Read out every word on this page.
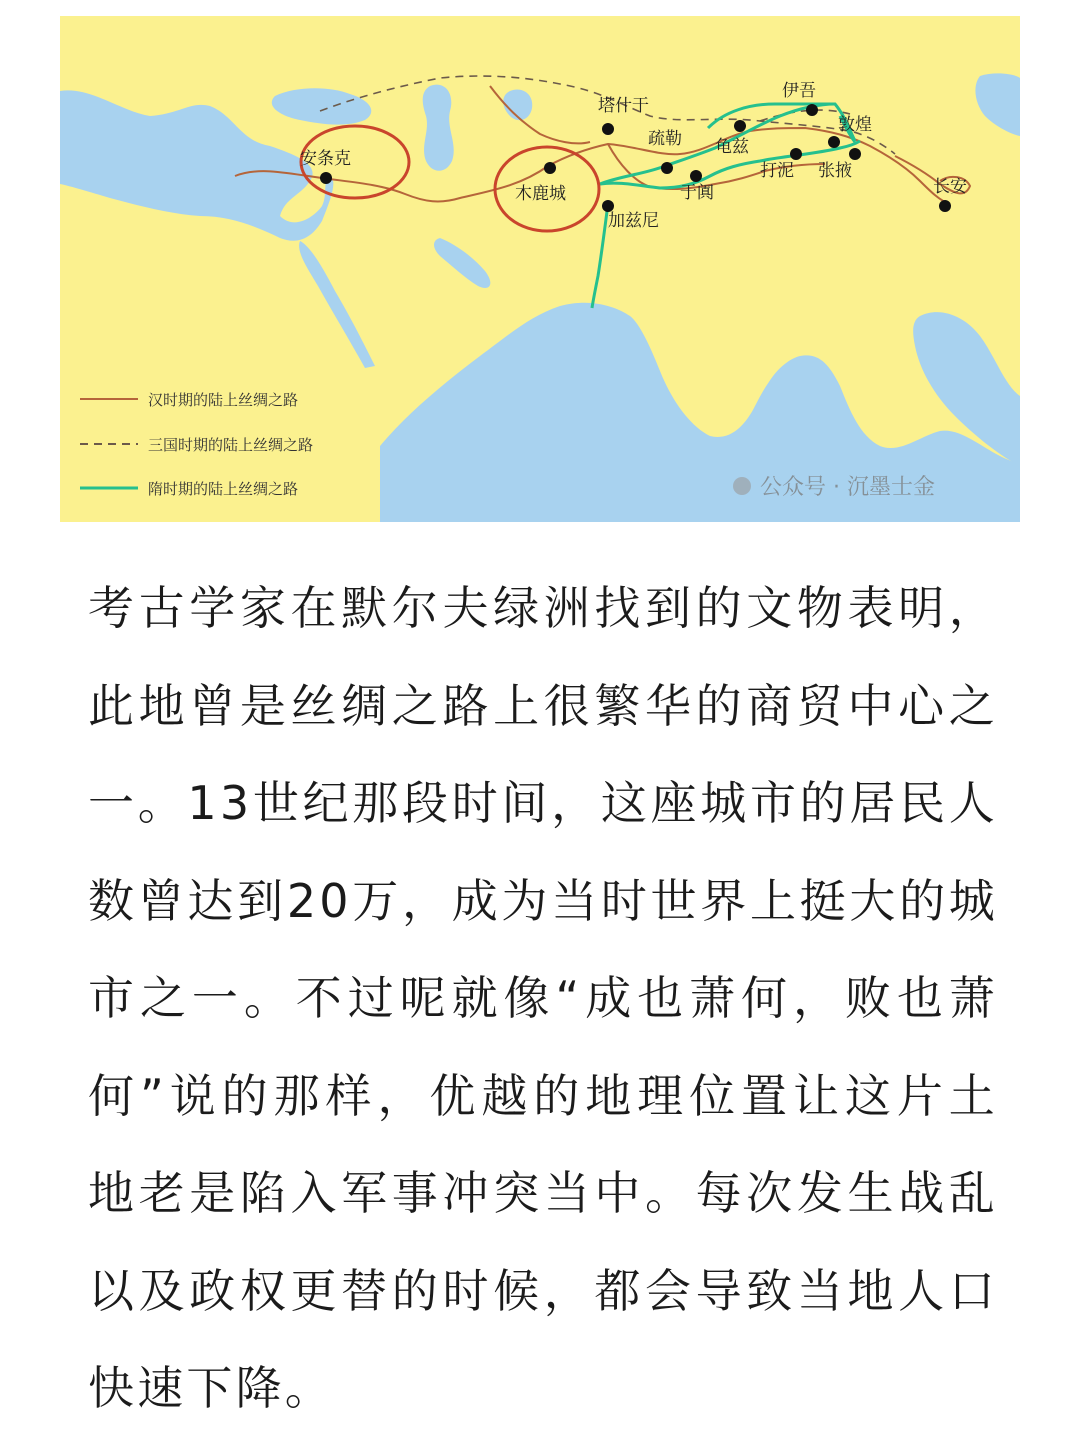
安条克
木鹿城
加兹尼
塔什干
疏勒 龟兹
于阗
伊吾
打泥
敦煌
张掖
长安
汉时期的陆上丝绸之路
三国时期的陆上丝绸之路
隋时期的陆上丝绸之路	公众号 · 沉墨士金

考古学家在默尔夫绿洲找到的文物表明，此地曾是丝绸之路上很繁华的商贸中心之一。13世纪那段时间，这座城市的居民人数曾达到20万，成为当时世界上挺大的城市之一。不过呢就像“成也萧何，败也萧何”说的那样，优越的地理位置让这片土地老是陷入军事冲突当中。每次发生战乱以及政权更替的时候，都会导致当地人口快速下降。
